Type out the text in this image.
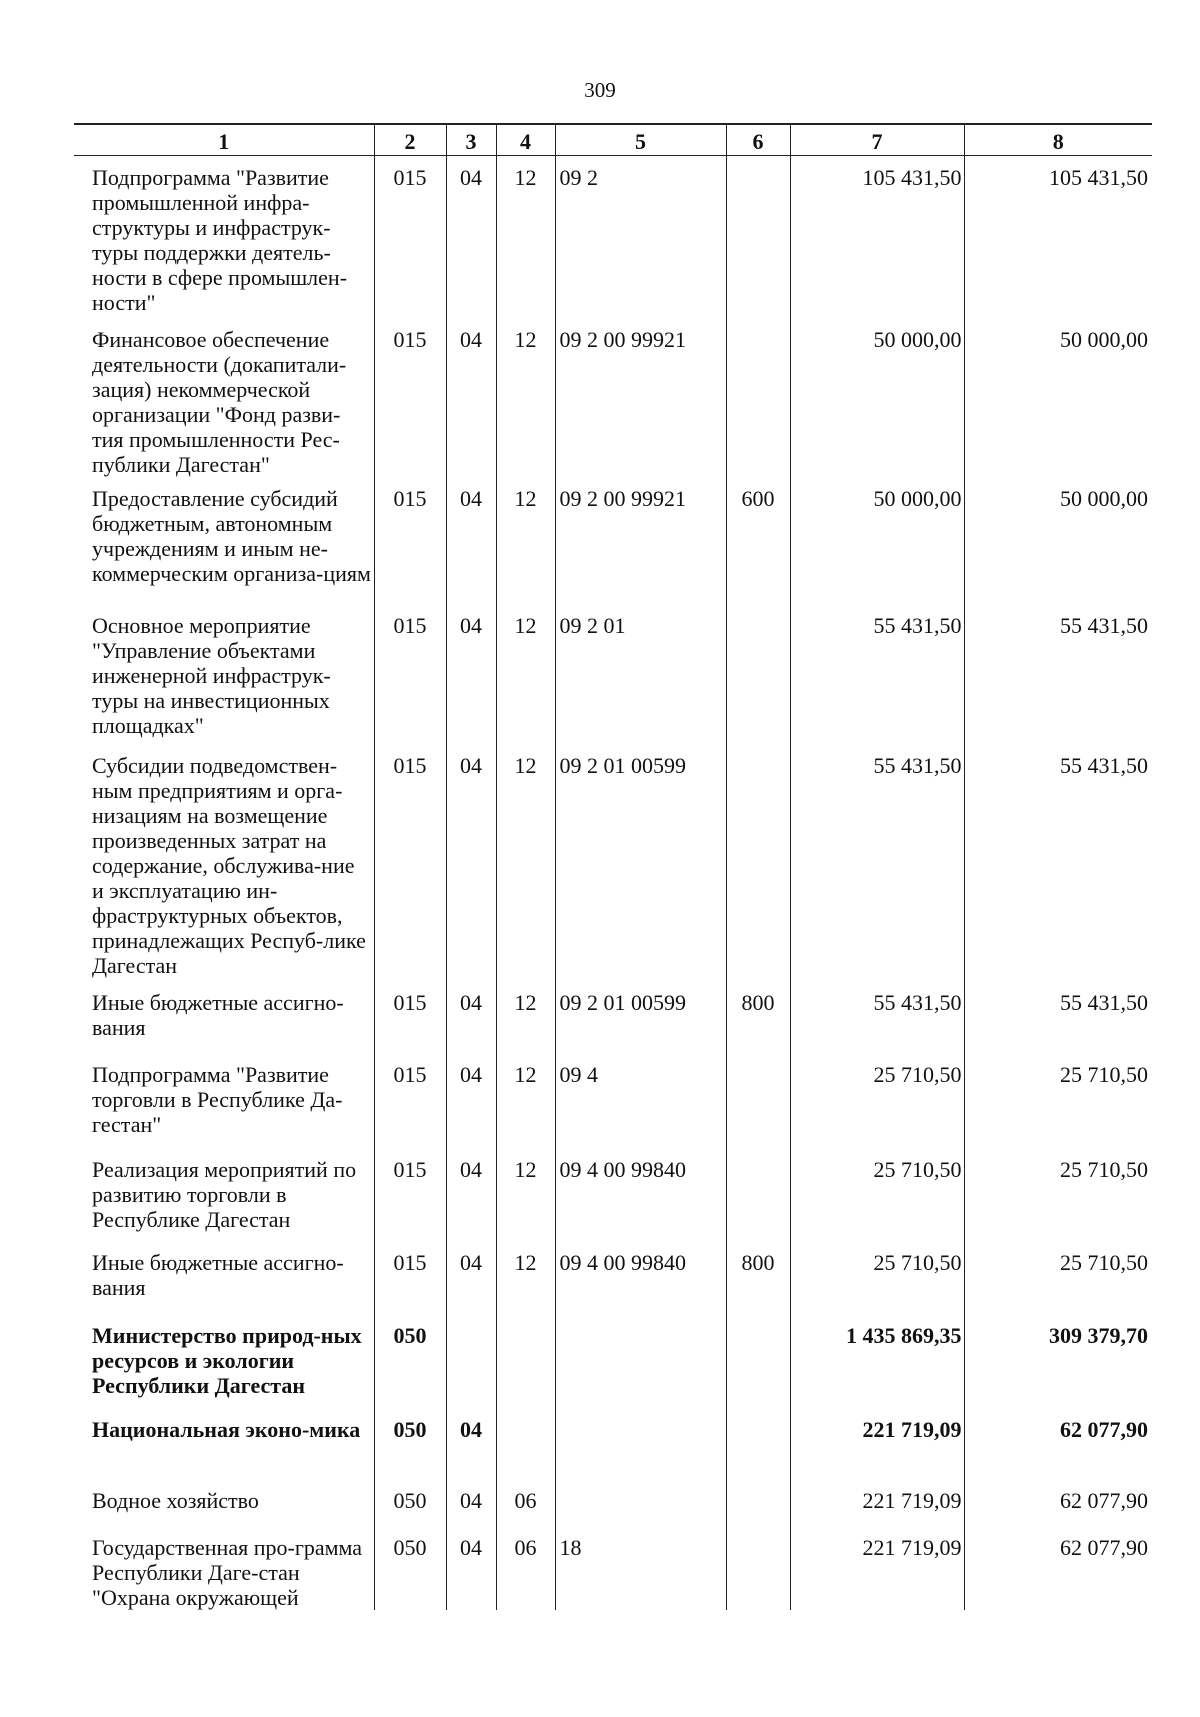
309
1	2	3	4	5	6	7	8
Подпрограмма "Развитие промышленной инфра-структуры и инфраструк-туры поддержки деятель-ности в сфере промышлен-ности"	015	04	12	09 2		105 431,50	105 431,50
Финансовое обеспечение деятельности (докапитали-зация) некоммерческой организации "Фонд разви-тия промышленности Рес-публики Дагестан"	015	04	12	09 2 00 99921		50 000,00	50 000,00
Предоставление субсидий бюджетным, автономным учреждениям и иным не-коммерческим организа-циям	015	04	12	09 2 00 99921	600	50 000,00	50 000,00
Основное мероприятие "Управление объектами инженерной инфраструк-туры на инвестиционных площадках"	015	04	12	09 2 01		55 431,50	55 431,50
Субсидии подведомствен-ным предприятиям и орга-низациям на возмещение произведенных затрат на содержание, обслужива-ние и эксплуатацию ин-фраструктурных объектов, принадлежащих Респуб-лике Дагестан	015	04	12	09 2 01 00599		55 431,50	55 431,50
Иные бюджетные ассигно-вания	015	04	12	09 2 01 00599	800	55 431,50	55 431,50
Подпрограмма "Развитие торговли в Республике Да-гестан"	015	04	12	09 4		25 710,50	25 710,50
Реализация мероприятий по развитию торговли в Республике Дагестан	015	04	12	09 4 00 99840		25 710,50	25 710,50
Иные бюджетные ассигно-вания	015	04	12	09 4 00 99840	800	25 710,50	25 710,50
Министерство природ-ных ресурсов и экологии Республики Дагестан	050					1 435 869,35	309 379,70
Национальная эконо-мика	050	04				221 719,09	62 077,90
Водное хозяйство	050	04	06			221 719,09	62 077,90
Государственная про-грамма Республики Даге-стан "Охрана окружающей	050	04	06	18		221 719,09	62 077,90
